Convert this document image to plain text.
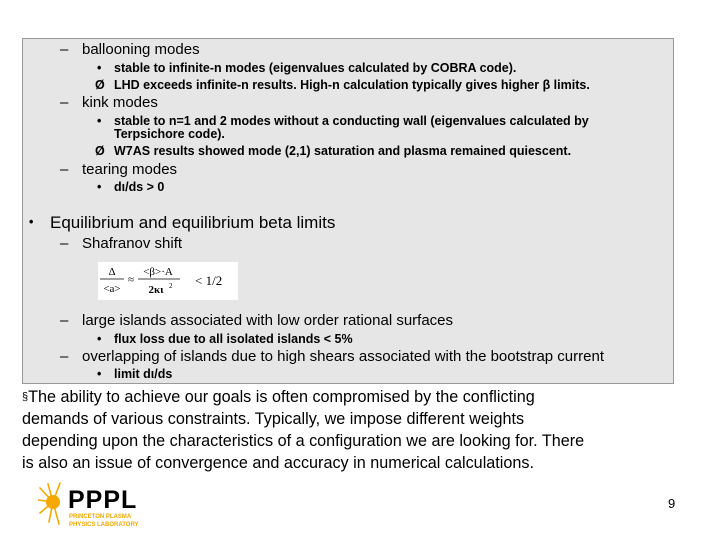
– ballooning modes
• stable to infinite-n modes (eigenvalues calculated by COBRA code).
Ø LHD exceeds infinite-n results. High-n calculation typically gives higher β limits.
– kink modes
• stable to n=1 and 2 modes without a conducting wall (eigenvalues calculated by
Terpsichore code).
Ø W7AS results showed mode (2,1) saturation and plasma remained quiescent.
– tearing modes
• dι/ds > 0
• Equilibrium and equilibrium beta limits
– Shafranov shift
Δ
<a>
≈
<β>·A
2κι 2 < 1/2
– large islands associated with low order rational surfaces
• flux loss due to all isolated islands < 5%
– overlapping of islands due to high shears associated with the bootstrap current
• limit dι/ds
§The ability to achieve our goals is often compromised by the conflicting
demands of various constraints. Typically, we impose different weights
depending upon the characteristics of a configuration we are looking for. There
is also an issue of convergence and accuracy in numerical calculations.
PPPL
PRINCETON PLASMA
PHYSICS LABORATORY
9
